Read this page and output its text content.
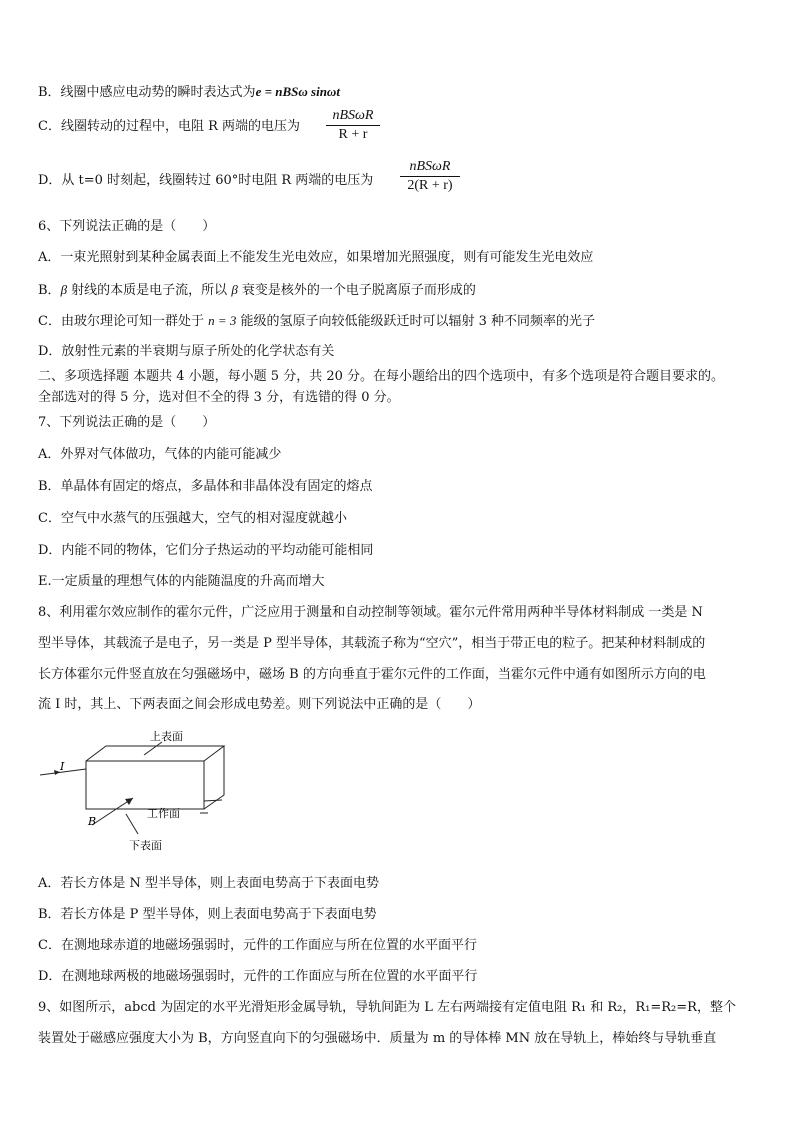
B．线圈中感应电动势的瞬时表达式为e = nBSω sinωt
C．线圈转动的过程中，电阻 R 两端的电压为
nBSωR
R + r
D．从 t=0 时刻起，线圈转过 60°时电阻 R 两端的电压为
nBSωR
2(R + r)
6、下列说法正确的是（　　）
A．一束光照射到某种金属表面上不能发生光电效应，如果增加光照强度，则有可能发生光电效应
B．β 射线的本质是电子流，所以 β 衰变是核外的一个电子脱离原子而形成的
C．由玻尔理论可知一群处于 n = 3 能级的氢原子向较低能级跃迁时可以辐射 3 种不同频率的光子
D．放射性元素的半衰期与原子所处的化学状态有关
二、多项选择题 本题共 4 小题，每小题 5 分，共 20 分。在每小题给出的四个选项中，有多个选项是符合题目要求的。
全部选对的得 5 分，选对但不全的得 3 分，有选错的得 0 分。
7、下列说法正确的是（　　）
A．外界对气体做功，气体的内能可能减少
B．单晶体有固定的熔点，多晶体和非晶体没有固定的熔点
C．空气中水蒸气的压强越大，空气的相对湿度就越小
D．内能不同的物体，它们分子热运动的平均动能可能相同
E.一定质量的理想气体的内能随温度的升高而增大
8、利用霍尔效应制作的霍尔元件，广泛应用于测量和自动控制等领域。霍尔元件常用两种半导体材料制成 一类是 N
型半导体，其载流子是电子，另一类是 P 型半导体，其载流子称为“空穴”，相当于带正电的粒子。把某种材料制成的
长方体霍尔元件竖直放在匀强磁场中，磁场 B 的方向垂直于霍尔元件的工作面，当霍尔元件中通有如图所示方向的电
流 I 时，其上、下两表面之间会形成电势差。则下列说法中正确的是（　　）
上表面
工作面
下表面
I
B
A．若长方体是 N 型半导体，则上表面电势高于下表面电势
B．若长方体是 P 型半导体，则上表面电势高于下表面电势
C．在测地球赤道的地磁场强弱时，元件的工作面应与所在位置的水平面平行
D．在测地球两极的地磁场强弱时，元件的工作面应与所在位置的水平面平行
9、如图所示，abcd 为固定的水平光滑矩形金属导轨，导轨间距为 L 左右两端接有定值电阻 R₁ 和 R₂，R₁=R₂=R，整个
装置处于磁感应强度大小为 B，方向竖直向下的匀强磁场中．质量为 m 的导体棒 MN 放在导轨上，棒始终与导轨垂直
